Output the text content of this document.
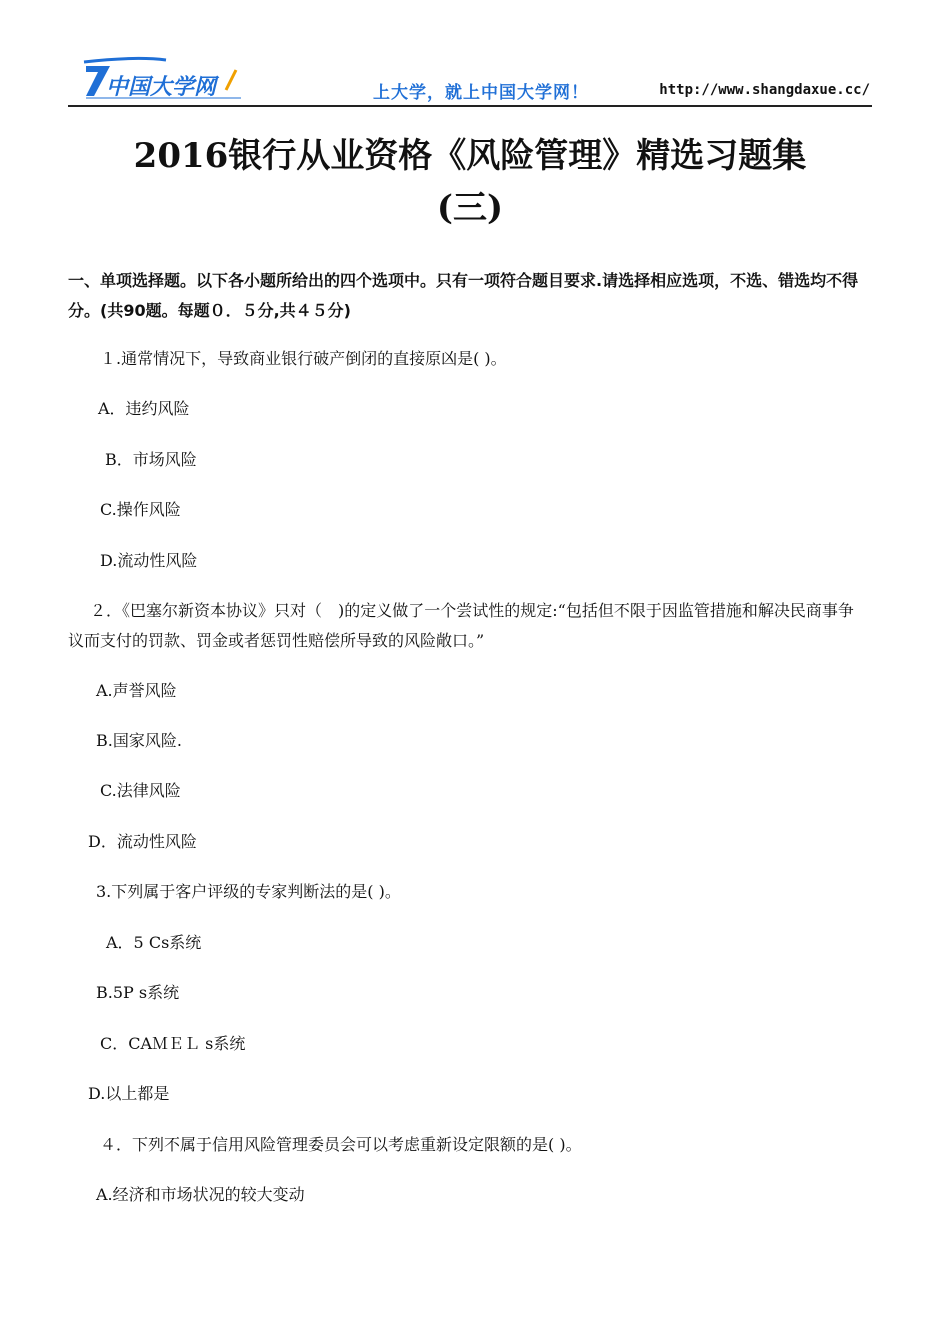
中国大学网	上大学，就上中国大学网！	http://www.shangdaxue.cc/
2016银行从业资格《风险管理》精选习题集
(三)
一、单项选择题。以下各小题所给出的四个选项中。只有一项符合题目要求.请选择相应选项，不选、错选均不得分。(共90题。每题０．５分,共４５分)
１.通常情况下，导致商业银行破产倒闭的直接原凶是( )。
A．违约风险
B．市场风险
C.操作风险
D.流动性风险
２．《巴塞尔新资本协议》只对（　)的定义做了一个尝试性的规定:“包括但不限于因监管措施和解决民商事争议而支付的罚款、罚金或者惩罚性赔偿所导致的风险敞口。”
A.声誉风险
B.国家风险.
C.法律风险
D．流动性风险
3.下列属于客户评级的专家判断法的是( )。
A．5 Cs系统
B.5P s系统
C．CAＭＥＬ s系统
D.以上都是
４．下列不属于信用风险管理委员会可以考虑重新设定限额的是( )。
A.经济和市场状况的较大变动
